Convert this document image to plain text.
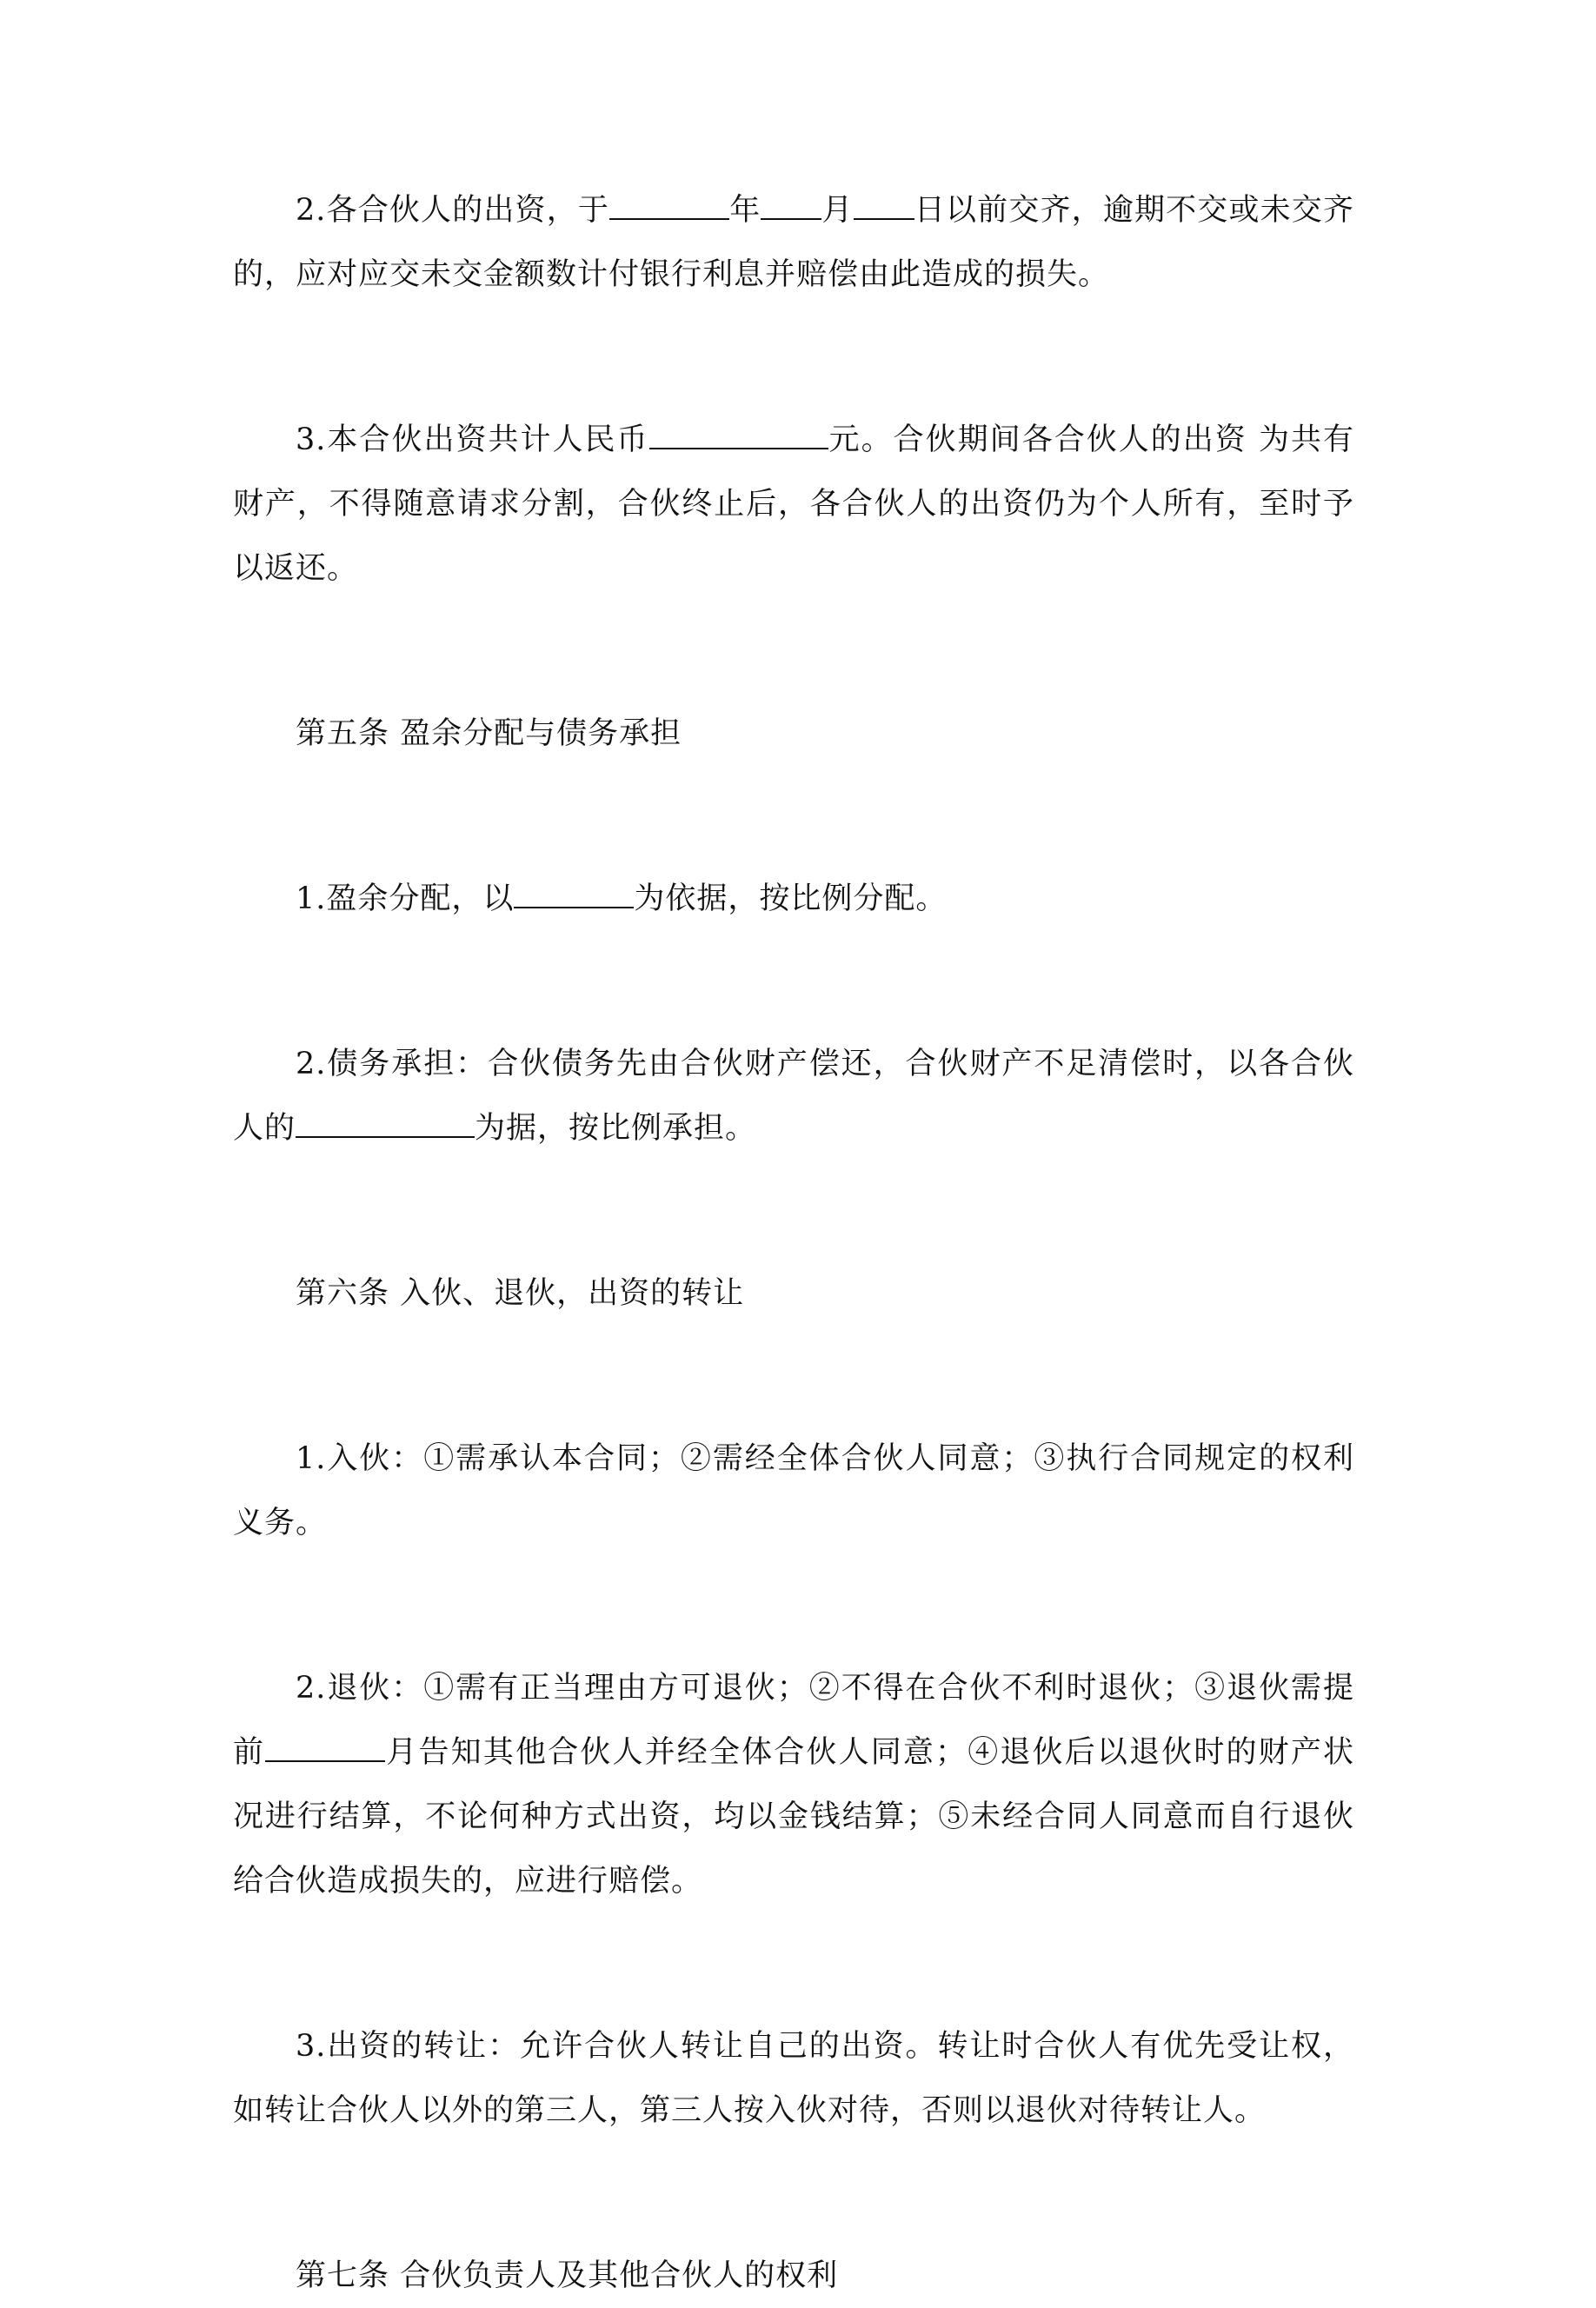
2.各合伙人的出资，于	年 月 日以前交齐，逾期不交或未交齐的，应对应交未交金额数计付银行利息并赔偿由此造成的损失。

3.本合伙出资共计人民币	元。合伙期间各合伙人的出资 为共有财产，不得随意请求分割，合伙终止后，各合伙人的出资仍为个人所有，至时予以返还。

第五条 盈余分配与债务承担

1.盈余分配，以	为依据，按比例分配。

2.债务承担：合伙债务先由合伙财产偿还，合伙财产不足清偿时，以各合伙人的	为据，按比例承担。

第六条 入伙、退伙，出资的转让

1.入伙：①需承认本合同；②需经全体合伙人同意；③执行合同规定的权利义务。

2.退伙：①需有正当理由方可退伙；②不得在合伙不利时退伙；③退伙需提前	月告知其他合伙人并经全体合伙人同意；④退伙后以退伙时的财产状况进行结算，不论何种方式出资，均以金钱结算；⑤未经合同人同意而自行退伙给合伙造成损失的，应进行赔偿。

3.出资的转让：允许合伙人转让自己的出资。转让时合伙人有优先受让权，如转让合伙人以外的第三人，第三人按入伙对待，否则以退伙对待转让人。

第七条 合伙负责人及其他合伙人的权利
